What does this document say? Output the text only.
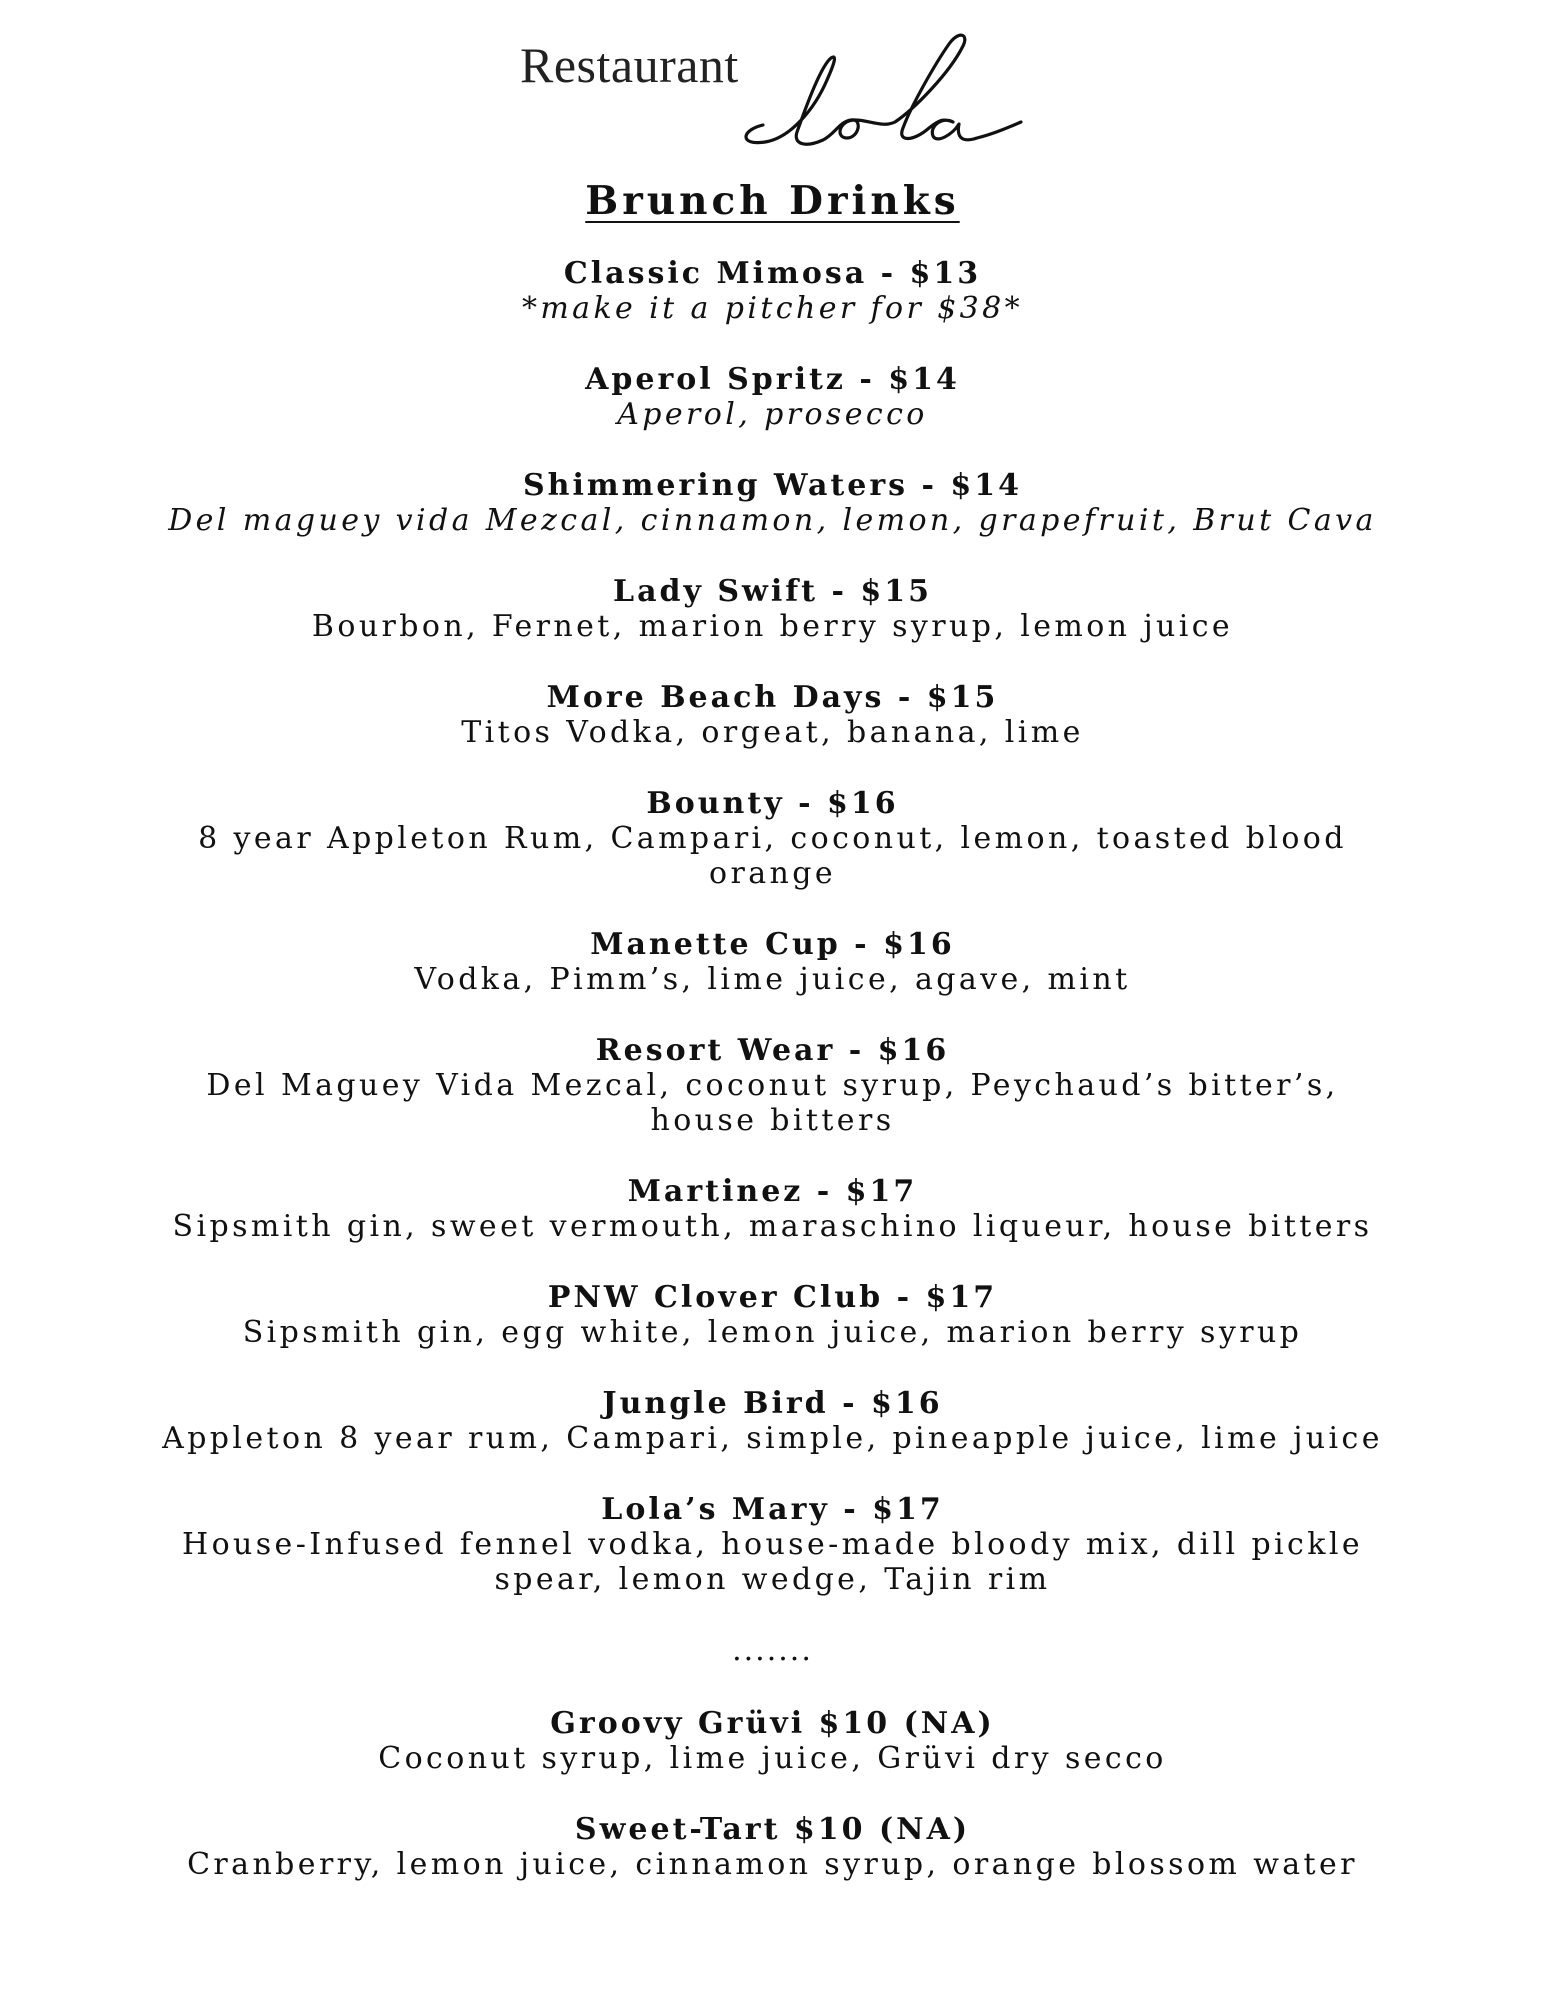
Restaurant
Brunch Drinks
Classic Mimosa - $13
*make it a pitcher for $38*
Aperol Spritz - $14
Aperol, prosecco
Shimmering Waters - $14
Del maguey vida Mezcal, cinnamon, lemon, grapefruit, Brut Cava
Lady Swift - $15
Bourbon, Fernet, marion berry syrup, lemon juice
More Beach Days - $15
Titos Vodka, orgeat, banana, lime
Bounty - $16
8 year Appleton Rum, Campari, coconut, lemon, toasted blood orange
Manette Cup - $16
Vodka, Pimm’s, lime juice, agave, mint
Resort Wear - $16
Del Maguey Vida Mezcal, coconut syrup, Peychaud’s bitter’s, house bitters
Martinez - $17
Sipsmith gin, sweet vermouth, maraschino liqueur, house bitters
PNW Clover Club - $17
Sipsmith gin, egg white, lemon juice, marion berry syrup
Jungle Bird - $16
Appleton 8 year rum, Campari, simple, pineapple juice, lime juice
Lola’s Mary - $17
House-Infused fennel vodka, house-made bloody mix, dill pickle spear, lemon wedge, Tajin rim
.......
Groovy Grüvi $10 (NA)
Coconut syrup, lime juice, Grüvi dry secco
Sweet-Tart $10 (NA)
Cranberry, lemon juice, cinnamon syrup, orange blossom water
